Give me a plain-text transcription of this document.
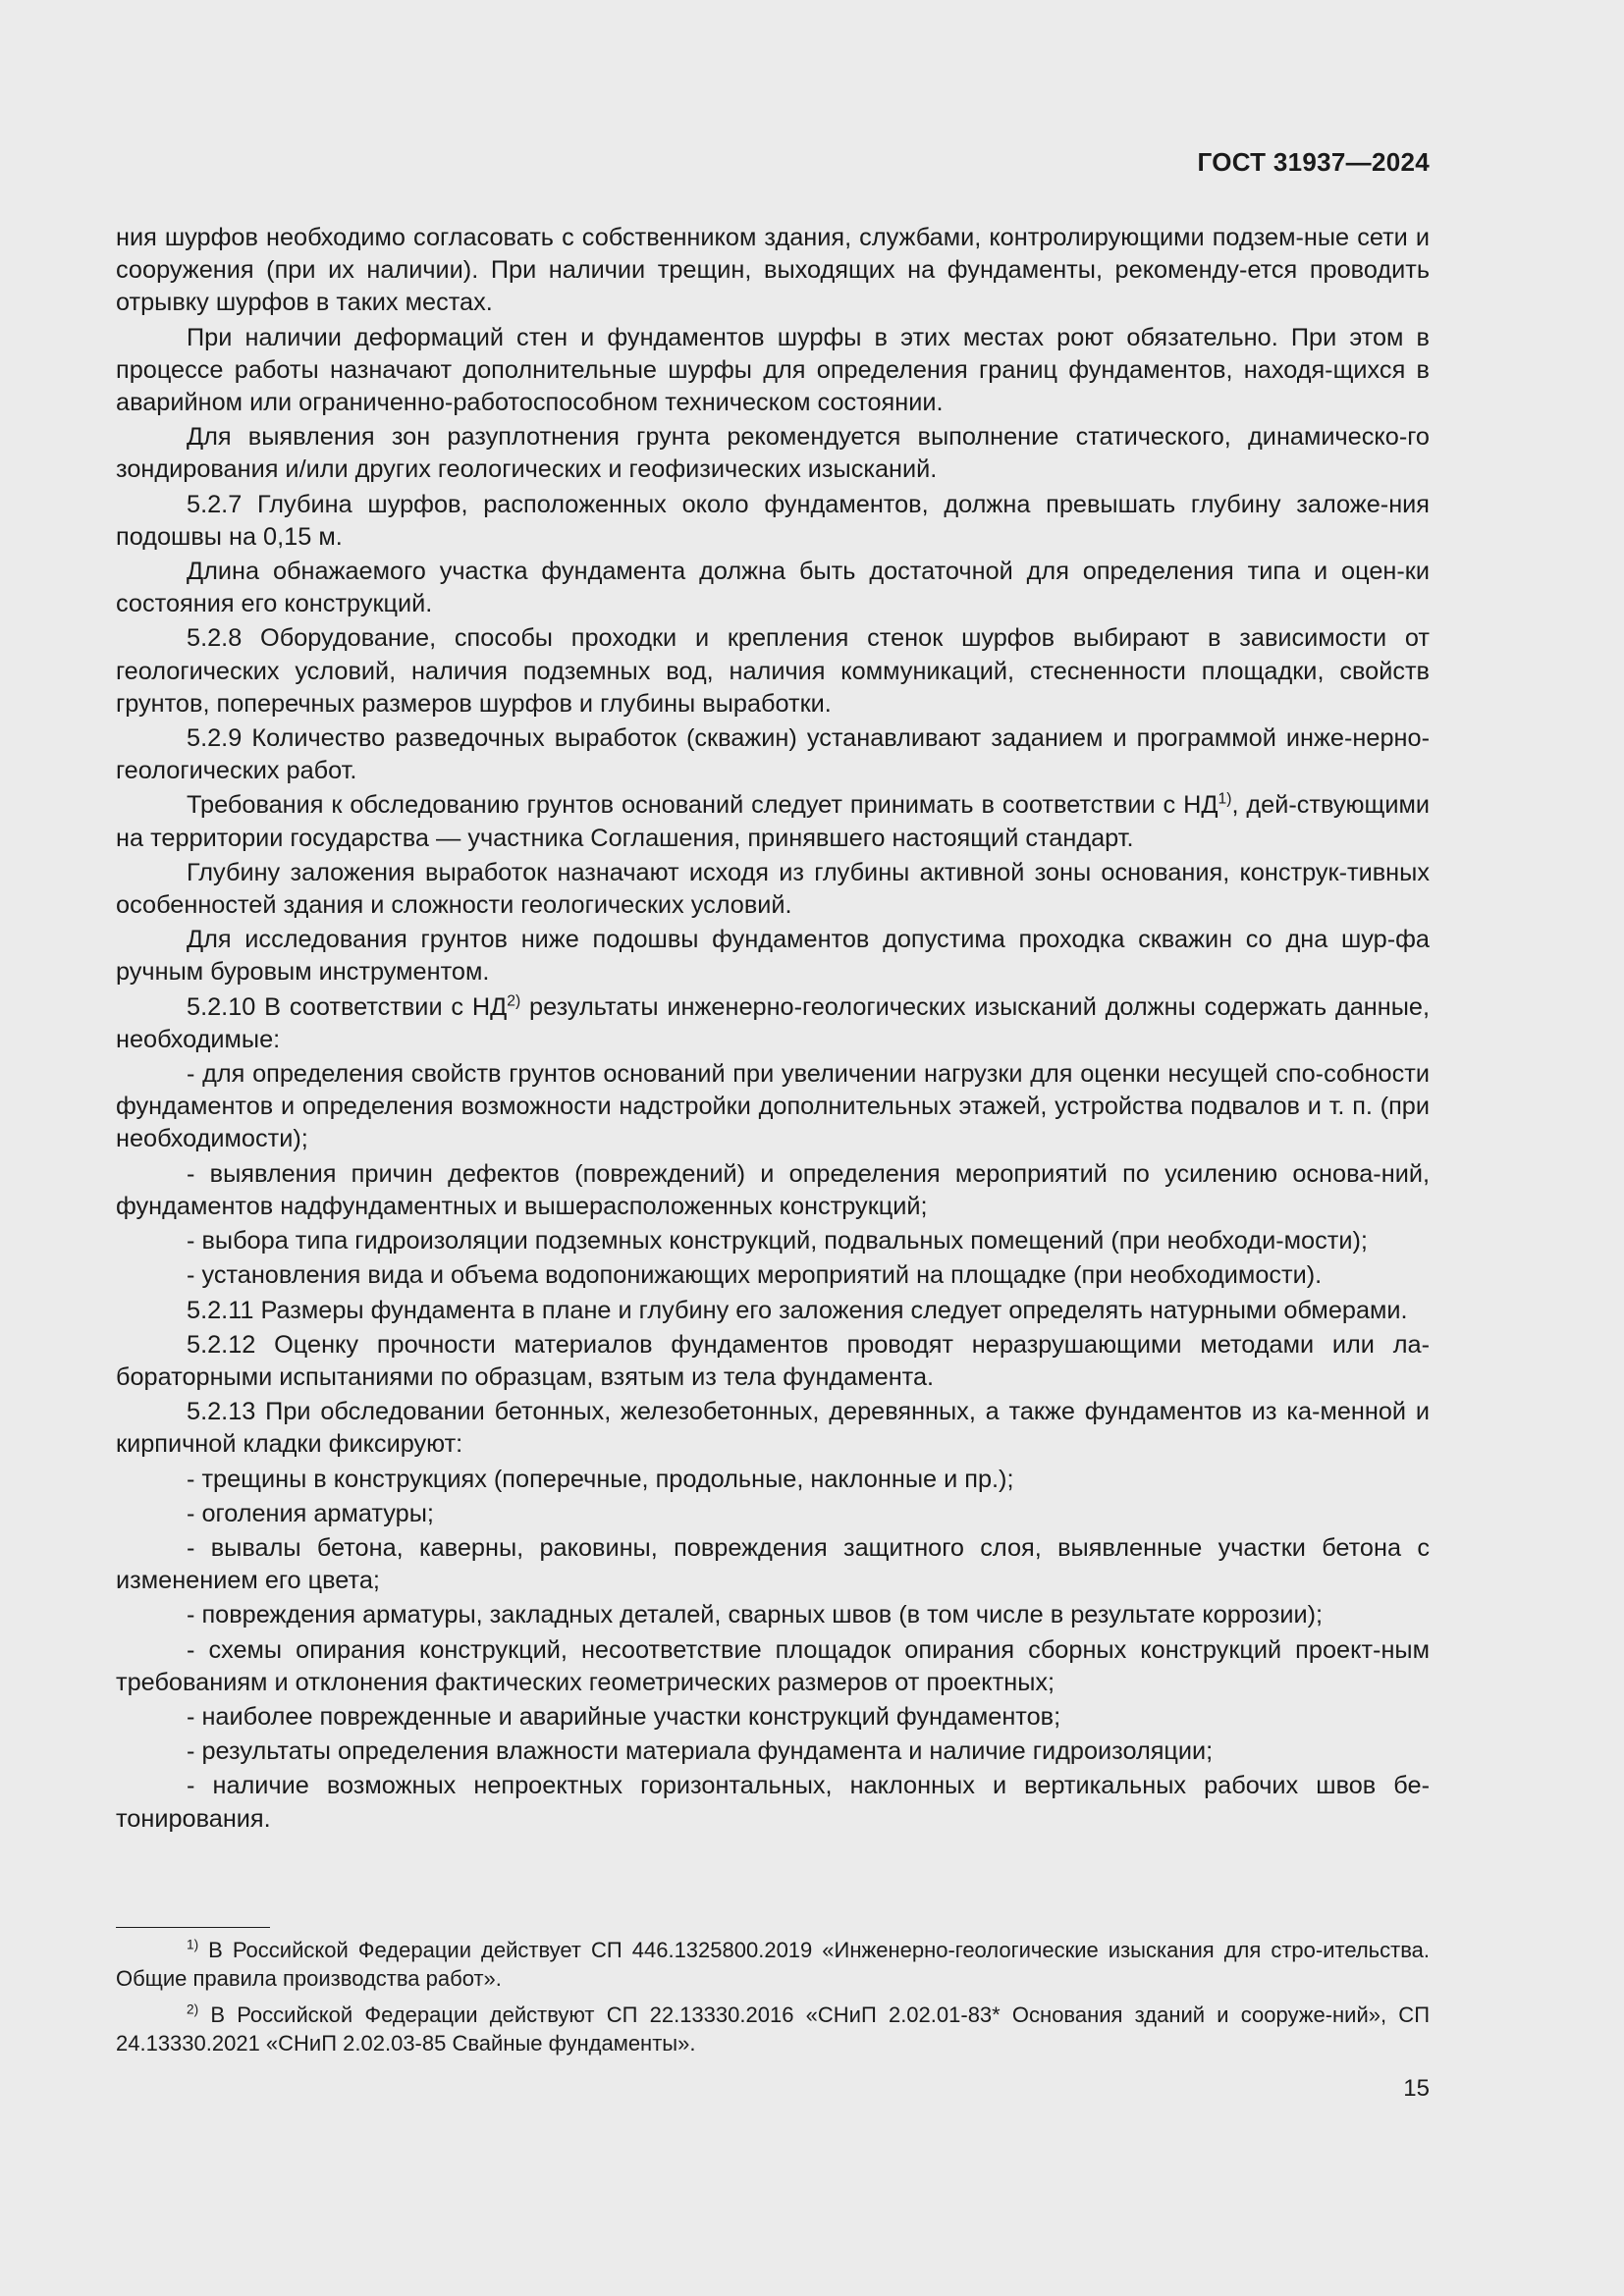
ГОСТ 31937—2024

ния шурфов необходимо согласовать с собственником здания, службами, контролирующими подзем-ные сети и сооружения (при их наличии). При наличии трещин, выходящих на фундаменты, рекоменду-ется проводить отрывку шурфов в таких местах.

При наличии деформаций стен и фундаментов шурфы в этих местах роют обязательно. При этом в процессе работы назначают дополнительные шурфы для определения границ фундаментов, находя-щихся в аварийном или ограниченно-работоспособном техническом состоянии.

Для выявления зон разуплотнения грунта рекомендуется выполнение статического, динамическо-го зондирования и/или других геологических и геофизических изысканий.

5.2.7 Глубина шурфов, расположенных около фундаментов, должна превышать глубину заложе-ния подошвы на 0,15 м.

Длина обнажаемого участка фундамента должна быть достаточной для определения типа и оцен-ки состояния его конструкций.

5.2.8 Оборудование, способы проходки и крепления стенок шурфов выбирают в зависимости от геологических условий, наличия подземных вод, наличия коммуникаций, стесненности площадки, свойств грунтов, поперечных размеров шурфов и глубины выработки.

5.2.9 Количество разведочных выработок (скважин) устанавливают заданием и программой инже-нерно-геологических работ.

Требования к обследованию грунтов оснований следует принимать в соответствии с НД$^{1)}$, дей-ствующими на территории государства — участника Соглашения, принявшего настоящий стандарт.

Глубину заложения выработок назначают исходя из глубины активной зоны основания, конструк-тивных особенностей здания и сложности геологических условий.

Для исследования грунтов ниже подошвы фундаментов допустима проходка скважин со дна шур-фа ручным буровым инструментом.

5.2.10 В соответствии с НД$^{2)}$ результаты инженерно-геологических изысканий должны содержать данные, необходимые:

- для определения свойств грунтов оснований при увеличении нагрузки для оценки несущей спо-собности фундаментов и определения возможности надстройки дополнительных этажей, устройства подвалов и т. п. (при необходимости);

- выявления причин дефектов (повреждений) и определения мероприятий по усилению основа-ний, фундаментов надфундаментных и вышерасположенных конструкций;

- выбора типа гидроизоляции подземных конструкций, подвальных помещений (при необходи-мости);

- установления вида и объема водопонижающих мероприятий на площадке (при необходимости).

5.2.11 Размеры фундамента в плане и глубину его заложения следует определять натурными обмерами.

5.2.12 Оценку прочности материалов фундаментов проводят неразрушающими методами или ла-бораторными испытаниями по образцам, взятым из тела фундамента.

5.2.13 При обследовании бетонных, железобетонных, деревянных, а также фундаментов из ка-менной и кирпичной кладки фиксируют:

- трещины в конструкциях (поперечные, продольные, наклонные и пр.);

- оголения арматуры;

- вывалы бетона, каверны, раковины, повреждения защитного слоя, выявленные участки бетона с изменением его цвета;

- повреждения арматуры, закладных деталей, сварных швов (в том числе в результате коррозии);

- схемы опирания конструкций, несоответствие площадок опирания сборных конструкций проект-ным требованиям и отклонения фактических геометрических размеров от проектных;

- наиболее поврежденные и аварийные участки конструкций фундаментов;

- результаты определения влажности материала фундамента и наличие гидроизоляции;

- наличие возможных непроектных горизонтальных, наклонных и вертикальных рабочих швов бе-тонирования.

$^{1)}$ В Российской Федерации действует СП 446.1325800.2019 «Инженерно-геологические изыскания для стро-ительства. Общие правила производства работ».

$^{2)}$ В Российской Федерации действуют СП 22.13330.2016 «СНиП 2.02.01-83* Основания зданий и сооруже-ний», СП 24.13330.2021 «СНиП 2.02.03-85 Свайные фундаменты».

15
